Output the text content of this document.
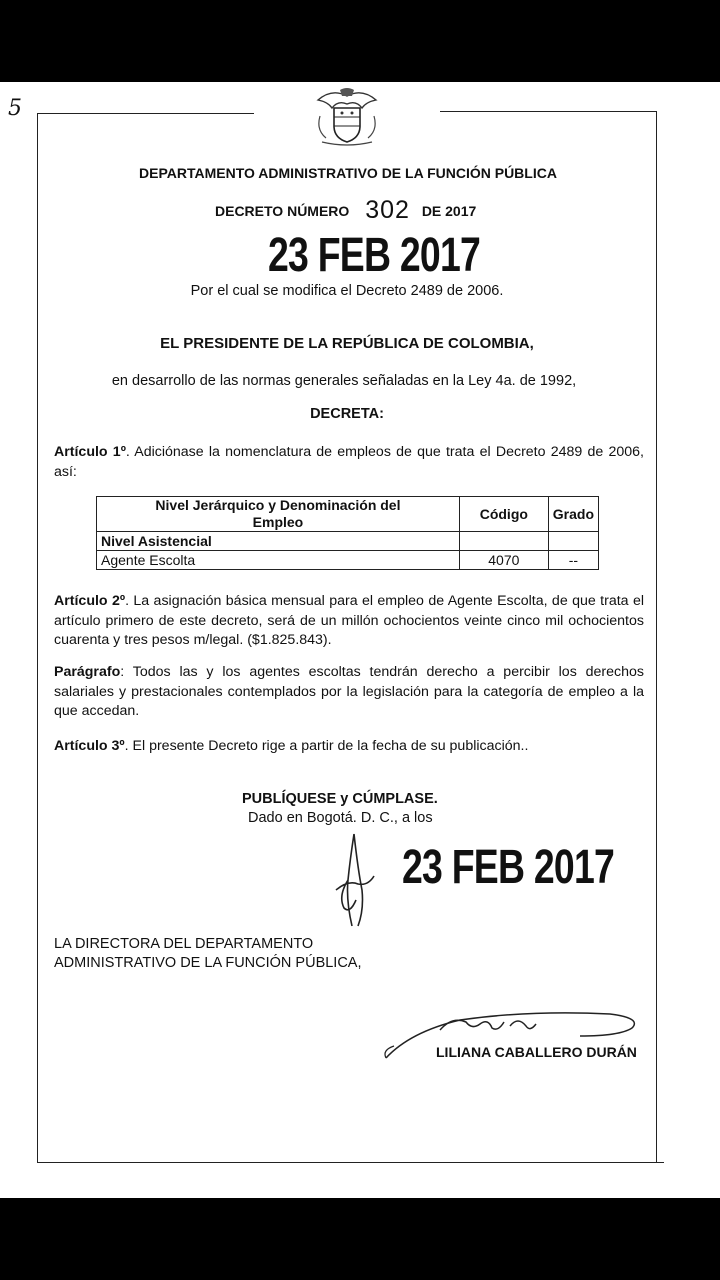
5
DEPARTAMENTO ADMINISTRATIVO DE LA FUNCIÓN PÚBLICA
DECRETO NÚMERO 302 DE 2017
23 FEB 2017
Por el cual se modifica el Decreto 2489 de 2006.
EL PRESIDENTE DE LA REPÚBLICA DE COLOMBIA,
en desarrollo de las normas generales señaladas en la Ley 4a. de 1992,
DECRETA:
Artículo 1º. Adiciónase la nomenclatura de empleos de que trata el Decreto 2489 de 2006, así:
Nivel Jerárquico y Denominación del Empleo	Código	Grado
Nivel Asistencial		
Agente Escolta	4070	--
Artículo 2º. La asignación básica mensual para el empleo de Agente Escolta, de que trata el artículo primero de este decreto, será de un millón ochocientos veinte cinco mil ochocientos cuarenta y tres pesos m/legal. ($1.825.843).
Parágrafo: Todos las y los agentes escoltas tendrán derecho a percibir los derechos salariales y prestacionales contemplados por la legislación para la categoría de empleo a la que accedan.
Artículo 3º. El presente Decreto rige a partir de la fecha de su publicación..
PUBLÍQUESE y CÚMPLASE.
Dado en Bogotá. D. C., a los
23 FEB 2017
LA DIRECTORA DEL DEPARTAMENTO
ADMINISTRATIVO DE LA FUNCIÓN PÚBLICA,
LILIANA CABALLERO DURÁN
